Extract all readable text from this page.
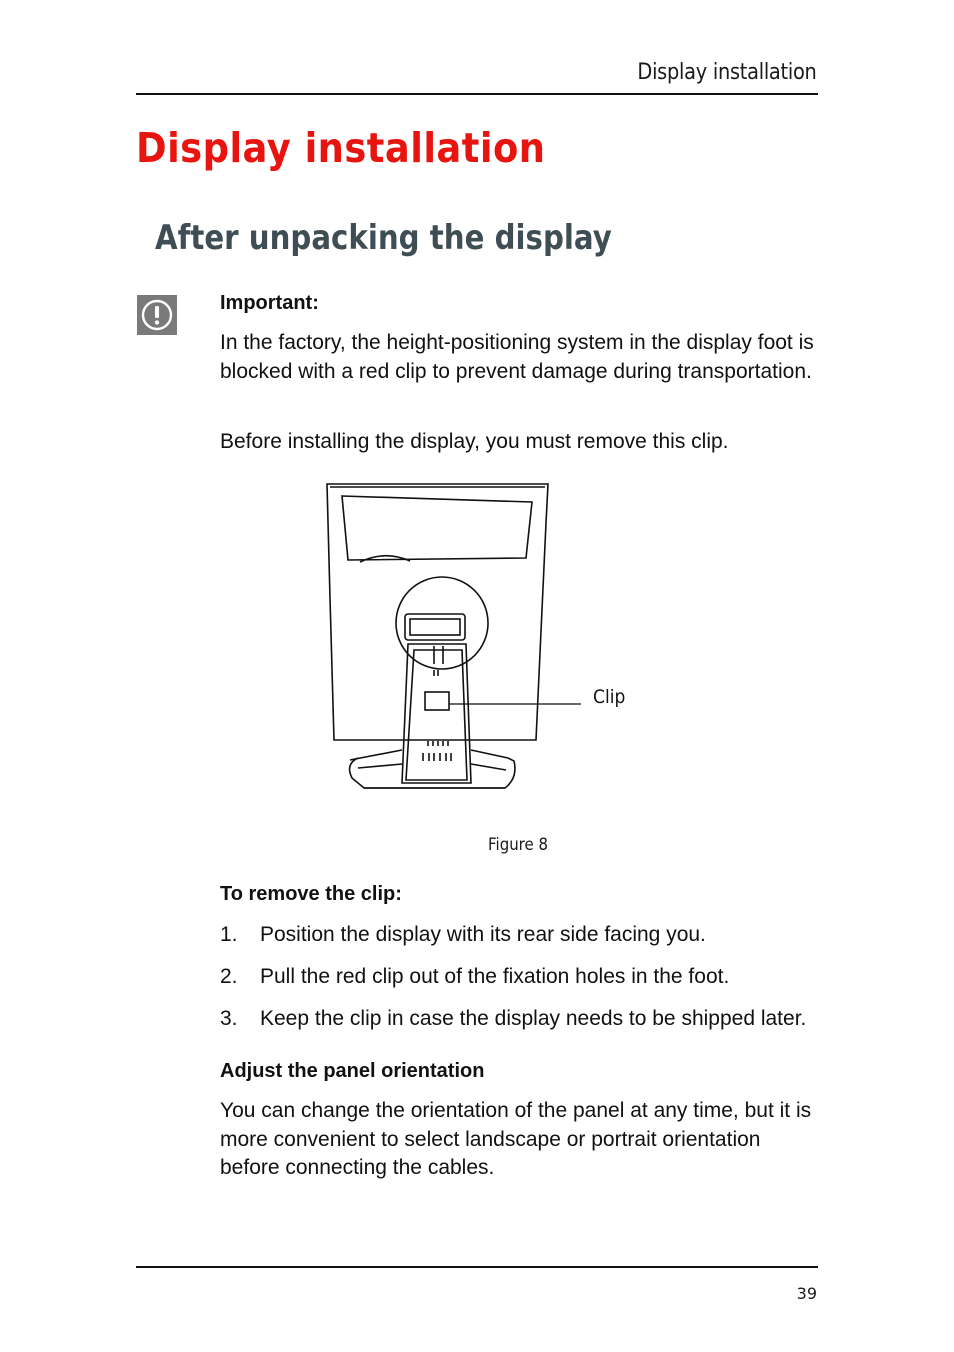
Display installation
Display installation
After unpacking the display

Important:

In the factory, the height-positioning system in the display foot is blocked with a red clip to prevent damage during transportation.

Before installing the display, you must remove this clip.

Clip
Figure 8

To remove the clip:

1. Position the display with its rear side facing you.
2. Pull the red clip out of the fixation holes in the foot.
3. Keep the clip in case the display needs to be shipped later.

Adjust the panel orientation

You can change the orientation of the panel at any time, but it is more convenient to select landscape or portrait orientation before connecting the cables.

39
